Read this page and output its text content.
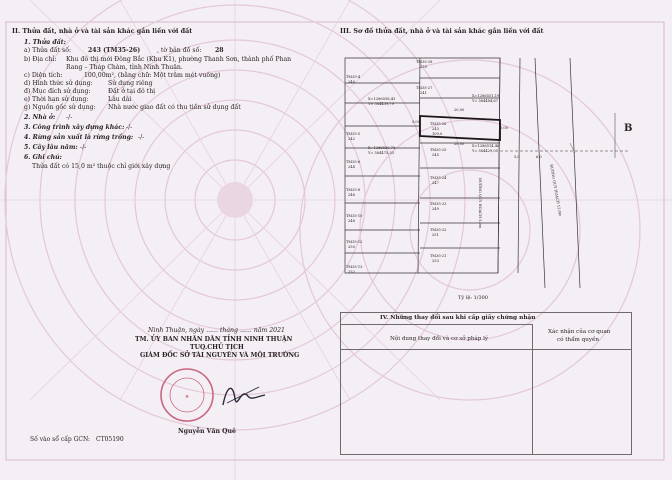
II. Thửa đất, nhà ở và tài sản khác gắn liền với đất
1. Thửa đất:
a) Thửa đất số:	243 (TM35-26)	, tờ bản đồ số: 28
b) Địa chỉ: Khu đô thị mới Đông Bắc (Khu K1), phường Thanh Sơn, thành phố Phan
Rang – Tháp Chàm, tỉnh Ninh Thuận.
c) Diện tích:	100,00m², (bằng chữ: Một trăm mét vuông)
d) Hình thức sử dụng: Sử dụng riêng
đ) Mục đích sử dụng:	Đất ở tại đô thị
e) Thời hạn sử dụng:	Lâu dài
g) Nguồn gốc sử dụng: Nhà nước giao đất có thu tiền sử dụng đất
2. Nhà ở: -/-
3. Công trình xây dựng khác: -/-
4. Rừng sản xuất là rừng trồng: -/-
5. Cây lâu năm: -/-
6. Ghi chú:
Thửa đất có 15,0 m² thuộc chỉ giới xây dựng
III. Sơ đồ thửa đất, nhà ở và tài sản khác gắn liền với đất
TM35-28
239
TM35-27
241
TM35-4
240
TM35-26
243
TM35-5
242
TM35-25
245
TM35-6
244
TM35-24
247
TM35-8
246
TM35-23
249
TM35-10
248
TM35-22
251
TM35-12
250
TM35-21
253
TM35-13
252
X=1286558,43
Y= 584439,79
X=1286520,73
Y= 584475,33
X=1286551,19
Y= 584484,67
X=1286514,46
Y= 584429,05
20,00
5,00
5,00
20,00
100,0
5,0	6,0
ĐƯỜNG QUY HOẠCH 5,0m	ĐƯỜNG QUY HOẠCH 12,0m
B
Tỷ lệ: 1/300
IV. Những thay đổi sau khi cấp giấy chứng nhận
Nội dung thay đổi và cơ sở pháp lý
Xác nhận của cơ quan
có thẩm quyền
Ninh Thuận, ngày ...... tháng ...... năm 2021
TM. ỦY BAN NHÂN DÂN TỈNH NINH THUẬN
TUQ.CHỦ TỊCH
GIÁM ĐỐC SỞ TÀI NGUYÊN VÀ MÔI TRƯỜNG
★
Nguyễn Văn Quê
Số vào sổ cấp GCN: CT05190
